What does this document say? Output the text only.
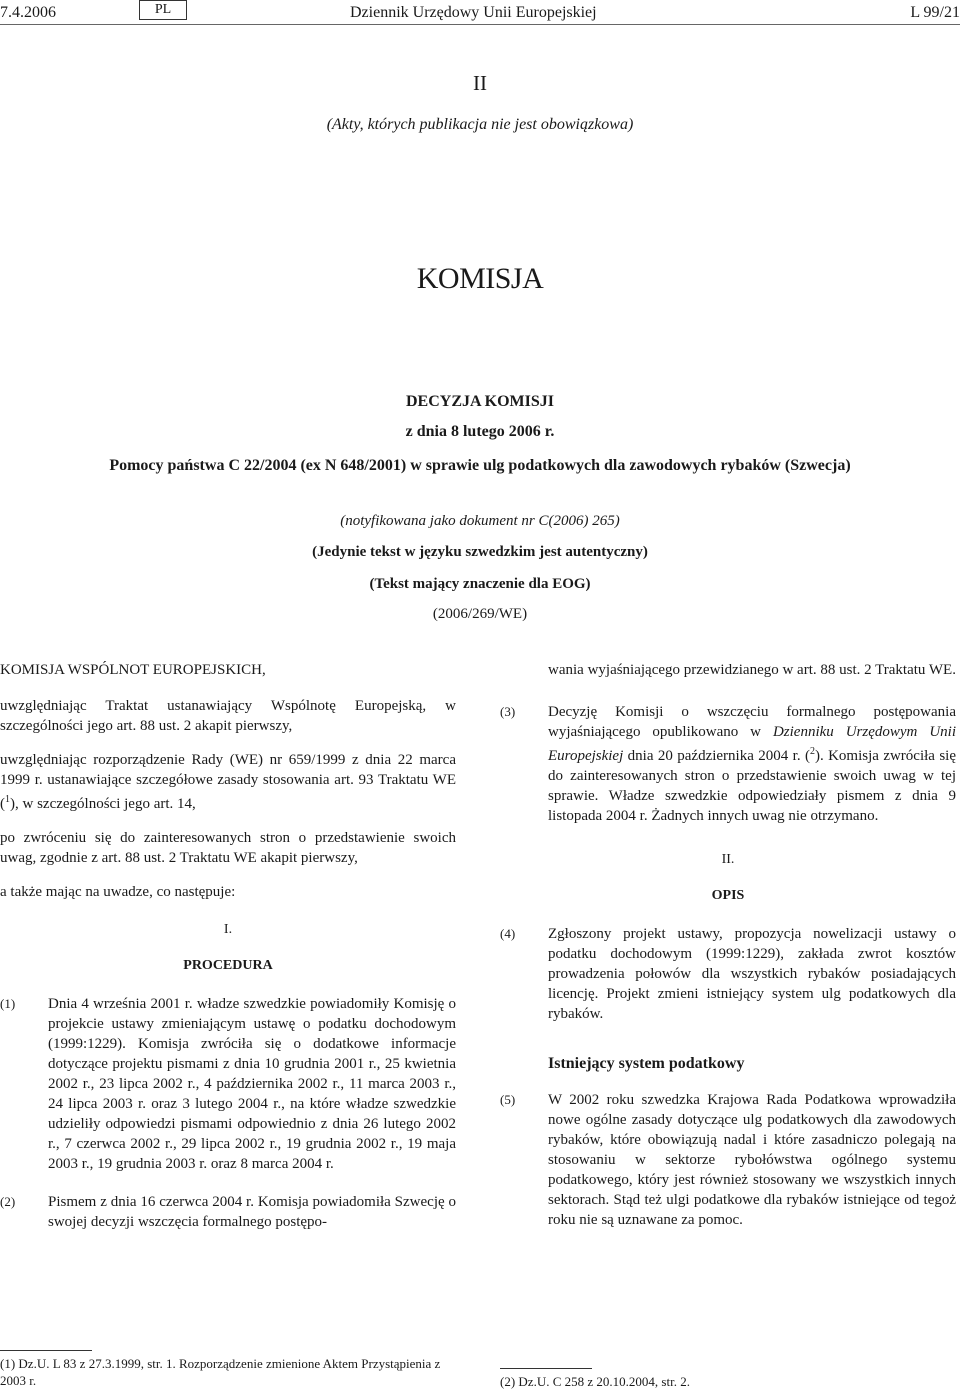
7.4.2006	PL	Dziennik Urzędowy Unii Europejskiej	L 99/21
II
(Akty, których publikacja nie jest obowiązkowa)
KOMISJA
DECYZJA KOMISJI
z dnia 8 lutego 2006 r.
Pomocy państwa C 22/2004 (ex N 648/2001) w sprawie ulg podatkowych dla zawodowych rybaków (Szwecja)
(notyfikowana jako dokument nr C(2006) 265)
(Jedynie tekst w języku szwedzkim jest autentyczny)
(Tekst mający znaczenie dla EOG)
(2006/269/WE)

KOMISJA WSPÓLNOT EUROPEJSKICH,

uwzględniając Traktat ustanawiający Wspólnotę Europejską, w szczególności jego art. 88 ust. 2 akapit pierwszy,

uwzględniając rozporządzenie Rady (WE) nr 659/1999 z dnia 22 marca 1999 r. ustanawiające szczegółowe zasady stosowania art. 93 Traktatu WE ($^1$), w szczególności jego art. 14,

po zwróceniu się do zainteresowanych stron o przedstawienie swoich uwag, zgodnie z art. 88 ust. 2 Traktatu WE akapit pierwszy,

a także mając na uwadze, co następuje:

I.
PROCEDURA
(1) Dnia 4 września 2001 r. władze szwedzkie powiadomiły Komisję o projekcie ustawy zmieniającym ustawę o podatku dochodowym (1999:1229). Komisja zwróciła się o dodatkowe informacje dotyczące projektu pismami z dnia 10 grudnia 2001 r., 25 kwietnia 2002 r., 23 lipca 2002 r., 4 października 2002 r., 11 marca 2003 r., 24 lipca 2003 r. oraz 3 lutego 2004 r., na które władze szwedzkie udzieliły odpowiedzi pismami odpowiednio z dnia 26 lutego 2002 r., 7 czerwca 2002 r., 29 lipca 2002 r., 19 grudnia 2002 r., 19 maja 2003 r., 19 grudnia 2003 r. oraz 8 marca 2004 r.
(2) Pismem z dnia 16 czerwca 2004 r. Komisja powiadomiła Szwecję o swojej decyzji wszczęcia formalnego postępo-
wania wyjaśniającego przewidzianego w art. 88 ust. 2 Traktatu WE.
(3) Decyzję Komisji o wszczęciu formalnego postępowania wyjaśniającego opublikowano w Dzienniku Urzędowym Unii Europejskiej dnia 20 października 2004 r. ($^2$). Komisja zwróciła się do zainteresowanych stron o przedstawienie swoich uwag w tej sprawie. Władze szwedzkie odpowiedziały pismem z dnia 9 listopada 2004 r. Żadnych innych uwag nie otrzymano.
II.
OPIS
(4) Zgłoszony projekt ustawy, propozycja nowelizacji ustawy o podatku dochodowym (1999:1229), zakłada zwrot kosztów prowadzenia połowów dla wszystkich rybaków posiadających licencję. Projekt zmieni istniejący system ulg podatkowych dla rybaków.
Istniejący system podatkowy
(5) W 2002 roku szwedzka Krajowa Rada Podatkowa wprowadziła nowe ogólne zasady dotyczące ulg podatkowych dla zawodowych rybaków, które obowiązują nadal i które zasadniczo polegają na stosowaniu w sektorze rybołówstwa ogólnego systemu podatkowego, który jest również stosowany we wszystkich innych sektorach. Stąd też ulgi podatkowe dla rybaków istniejące od tegoż roku nie są uznawane za pomoc.
(1) Dz.U. L 83 z 27.3.1999, str. 1. Rozporządzenie zmienione Aktem Przystąpienia z 2003 r.	(2) Dz.U. C 258 z 20.10.2004, str. 2.
